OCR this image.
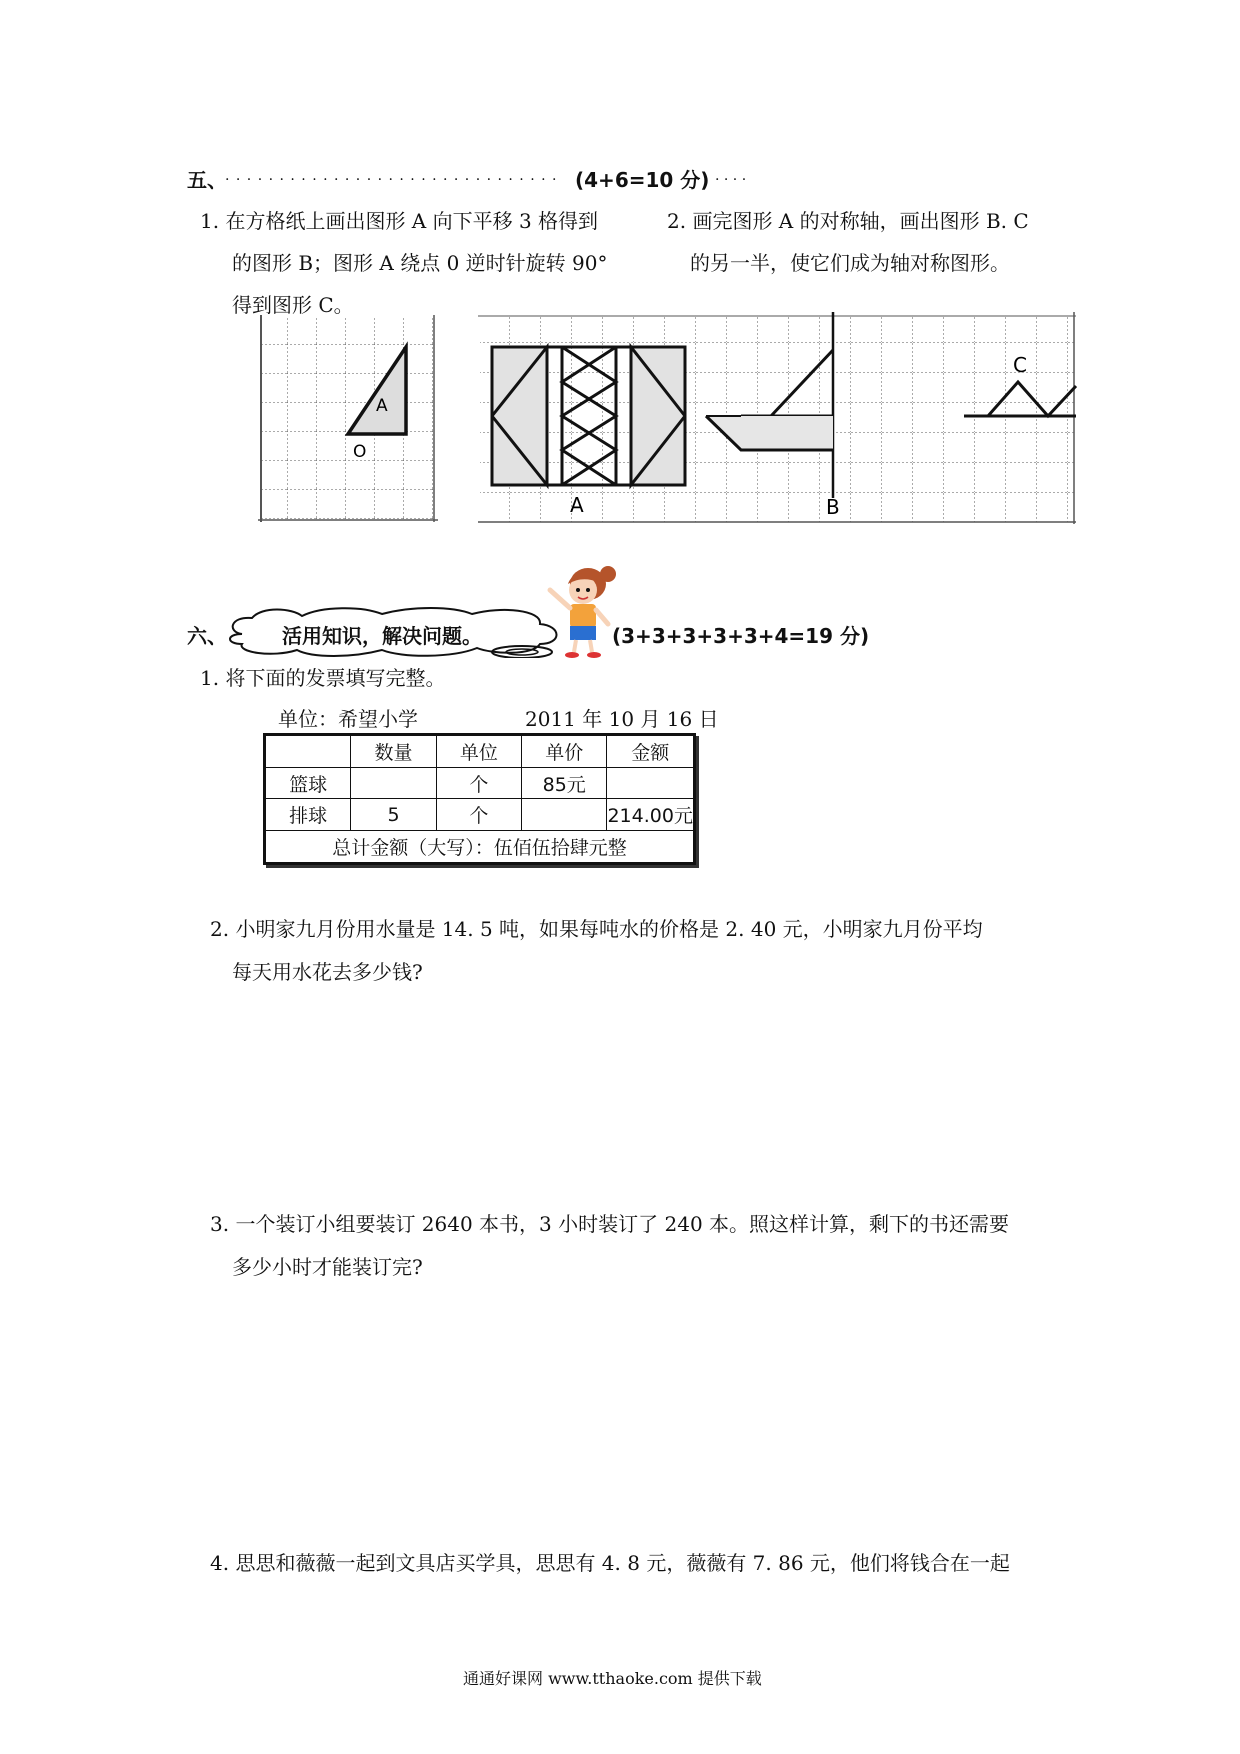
五、
. . . . . . . . . . . . . . . . . . . . . . . . . . . . . . . (4+6=10 分) . . . .
1. 在方格纸上画出图形 A 向下平移 3 格得到
的图形 B；图形 A 绕点 0 逆时针旋转 90°
得到图形 C。
2. 画完图形 A 的对称轴，画出图形 B. C
的另一半，使它们成为轴对称图形。
A
O
A	B
C
六、	活用知识，解决问题。	(3+3+3+3+3+4=19 分)
1. 将下面的发票填写完整。
单位：希望小学	2011 年 10 月 16 日
	数量	单位	单价	金额
篮球		个	85元	
排球	5	个		214.00元
总计金额（大写）：伍佰伍拾肆元整				
2. 小明家九月份用水量是 14. 5 吨，如果每吨水的价格是 2. 40 元，小明家九月份平均
每天用水花去多少钱?
3. 一个装订小组要装订 2640 本书，3 小时装订了 240 本。照这样计算，剩下的书还需要
多少小时才能装订完?
4. 思思和薇薇一起到文具店买学具，思思有 4. 8 元，薇薇有 7. 86 元，他们将钱合在一起
通通好课网 www.tthaoke.com 提供下载
